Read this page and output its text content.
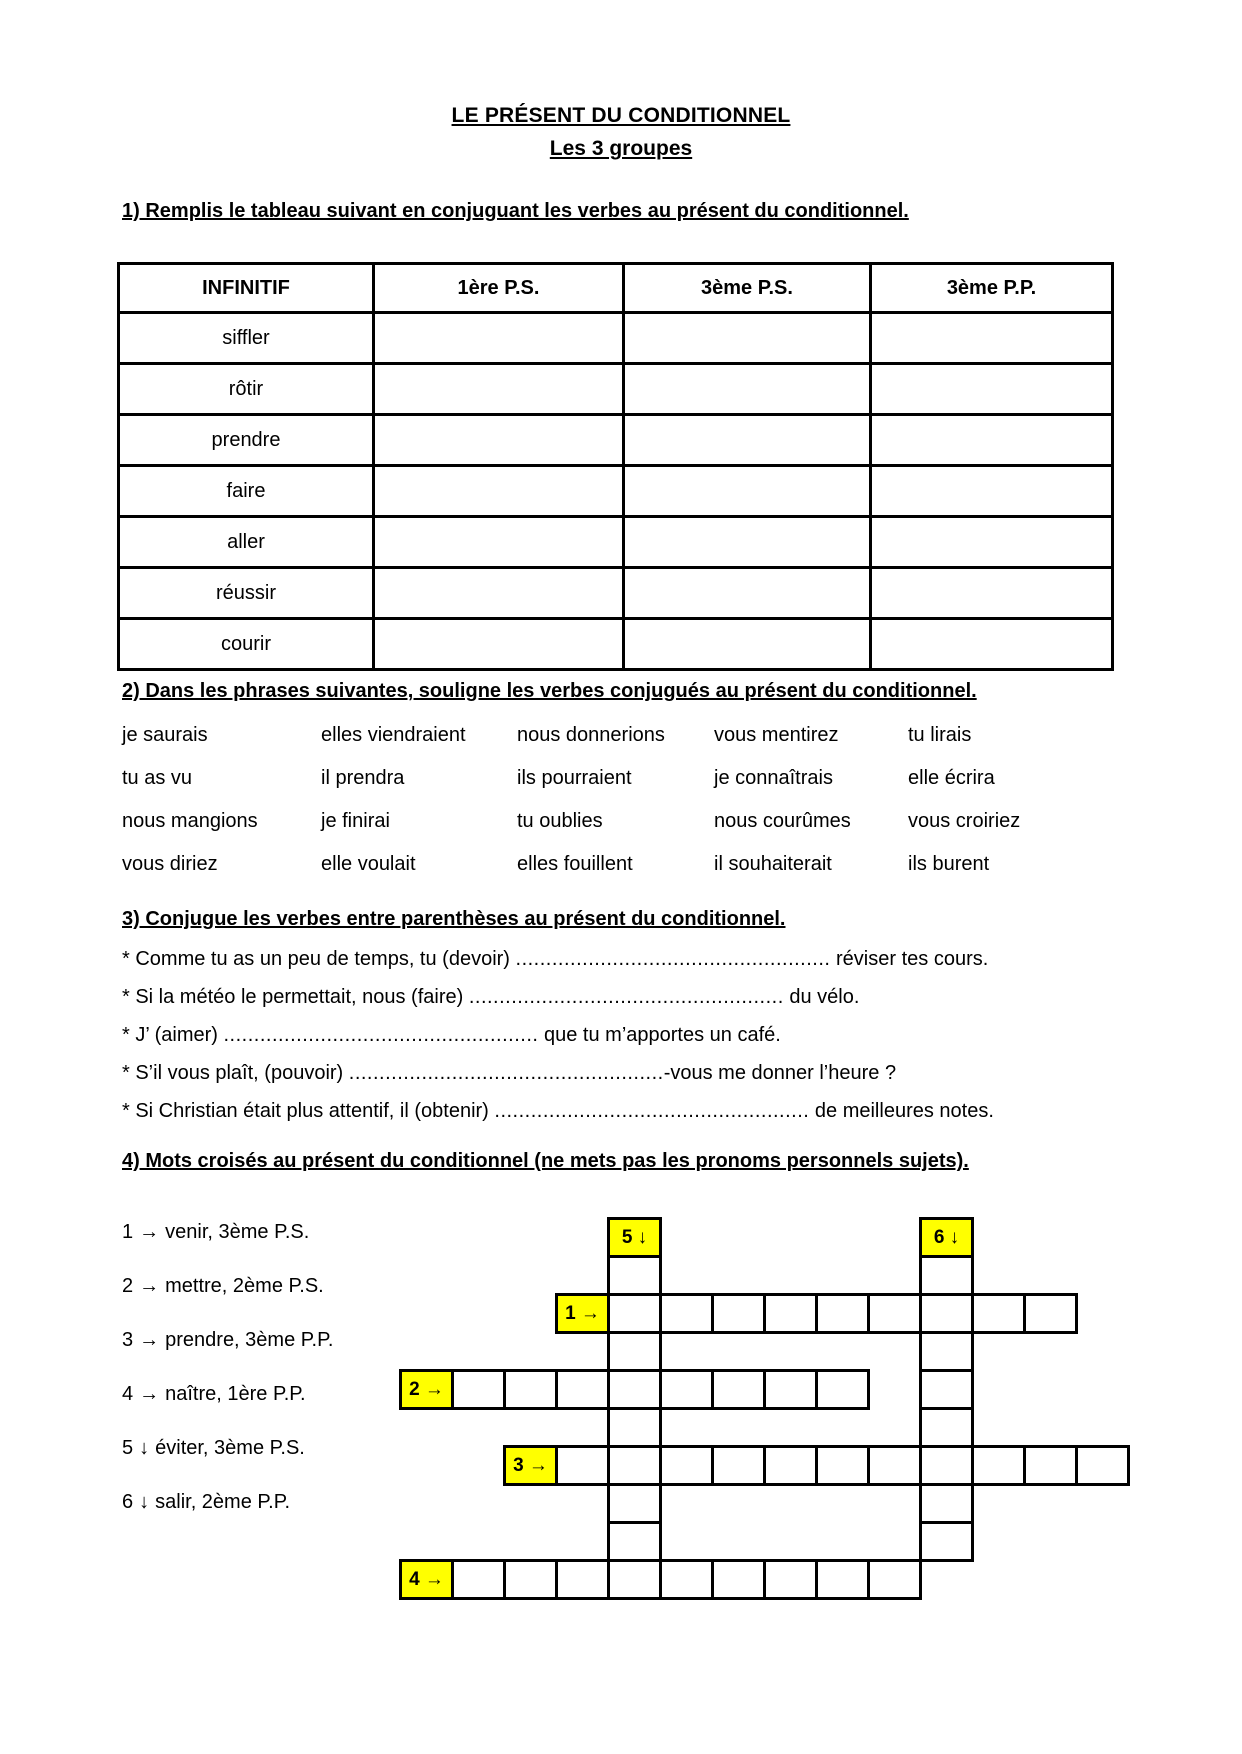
LE PRÉSENT DU CONDITIONNEL
Les 3 groupes
1) Remplis le tableau suivant en conjuguant les verbes au présent du conditionnel.
INFINITIF	1ère P.S.	3ème P.S.	3ème P.P.
siffler			
rôtir			
prendre			
faire			
aller			
réussir			
courir			
2) Dans les phrases suivantes, souligne les verbes conjugués au présent du conditionnel.
je saurais	elles viendraient	nous donnerions	vous mentirez	tu lirais
tu as vu	il prendra	ils pourraient	je connaîtrais	elle écrira
nous mangions	je finirai	tu oublies	nous courûmes	vous croiriez
vous diriez	elle voulait	elles fouillent	il souhaiterait	ils burent
3) Conjugue les verbes entre parenthèses au présent du conditionnel.
* Comme tu as un peu de temps, tu (devoir) .................................................... réviser tes cours.
* Si la météo le permettait, nous (faire) .................................................... du vélo.
* J’ (aimer) .................................................... que tu m’apportes un café.
* S’il vous plaît, (pouvoir) ....................................................-vous me donner l’heure ?
* Si Christian était plus attentif, il (obtenir) .................................................... de meilleures notes.
4) Mots croisés au présent du conditionnel (ne mets pas les pronoms personnels sujets).
1 → venir, 3ème P.S.
2 → mettre, 2ème P.S.
3 → prendre, 3ème P.P.
4 → naître, 1ère P.P.
5 ↓ éviter, 3ème P.S.
6 ↓ salir, 2ème P.P.
5 ↓	6 ↓
1 →
2 →
3 →
4 →
